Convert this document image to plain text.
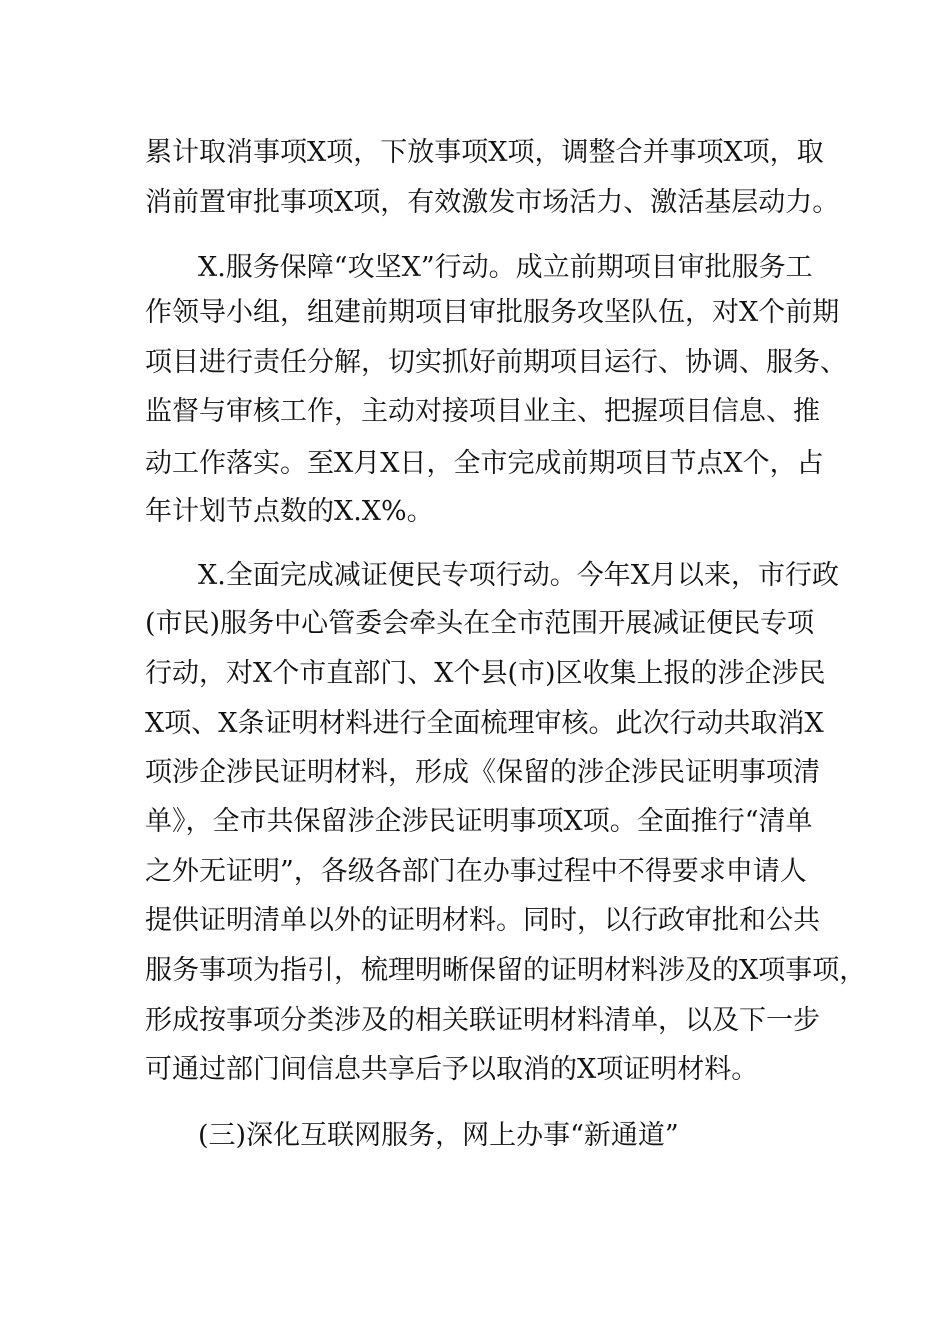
累计取消事项X项，下放事项X项，调整合并事项X项，取
消前置审批事项X项，有效激发市场活力、激活基层动力。
X.服务保障“攻坚X”行动。成立前期项目审批服务工
作领导小组，组建前期项目审批服务攻坚队伍，对X个前期
项目进行责任分解，切实抓好前期项目运行、协调、服务、
监督与审核工作，主动对接项目业主、把握项目信息、推
动工作落实。至X月X日，全市完成前期项目节点X个，占
年计划节点数的X.X%。
X.全面完成减证便民专项行动。今年X月以来，市行政
(市民)服务中心管委会牵头在全市范围开展减证便民专项
行动，对X个市直部门、X个县(市)区收集上报的涉企涉民
X项、X条证明材料进行全面梳理审核。此次行动共取消X
项涉企涉民证明材料，形成《保留的涉企涉民证明事项清
单》，全市共保留涉企涉民证明事项X项。全面推行“清单
之外无证明”，各级各部门在办事过程中不得要求申请人
提供证明清单以外的证明材料。同时，以行政审批和公共
服务事项为指引，梳理明晰保留的证明材料涉及的X项事项，
形成按事项分类涉及的相关联证明材料清单，以及下一步
可通过部门间信息共享后予以取消的X项证明材料。
(三)深化互联网服务，网上办事“新通道”
